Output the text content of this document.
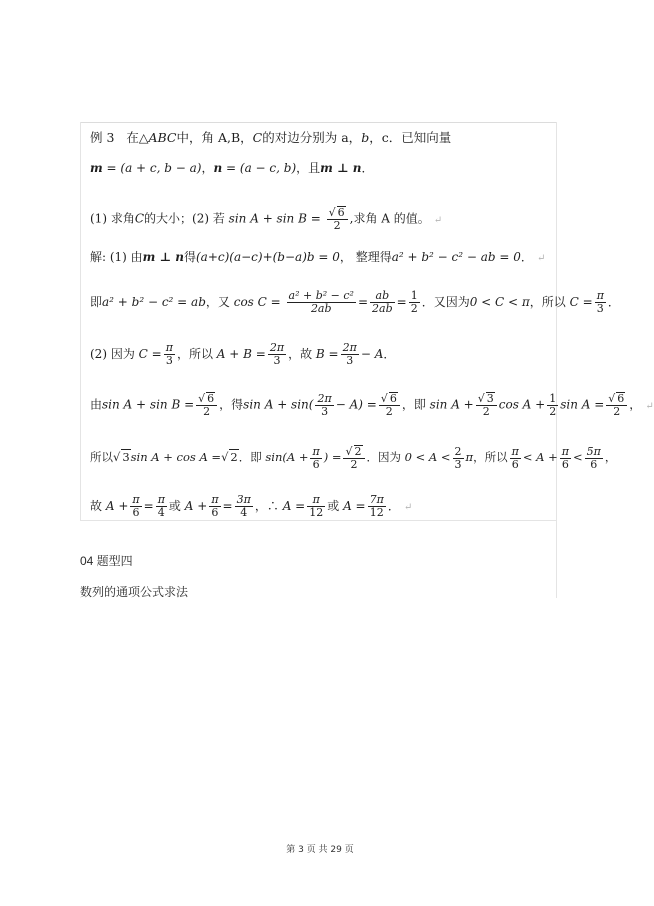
例 3 在△ABC中，角 A,B，C的对边分别为 a，b，c．已知向量
m = (a + c, b − a)，n = (a − c, b)，且m ⊥ n．
(1) 求角C的大小；(2) 若 $\sin A + \sin B = \frac{√ 6}{2}$ ,求角 A 的值。 ↵
解: (1) 由m ⊥ n得(a+c)(a−c)+(b−a)b = 0， 整理得a² + b² − c² − ab = 0． ↵
即a² + b² − c² = ab，又 $\cos C = \frac{\text{a² + b² − c²}}{2ab} = \frac{ab}{2ab} = \frac{1}{2}$ ．又因为0 < C < π，所以 $C = \frac{\pi}{3}$ ．
(2) 因为 $C = \frac{\pi}{3}$ ，所以 $A + B = \frac{2\pi}{3}$ ，故 $B = \frac{2\pi}{3} - A$．
由$\sin A + \sin B = \frac{√ 6}{2}$ ，得$\sin A + \sin( \frac{2\pi}{3} - A) = \frac{√ 6}{2}$ ，即 $\sin A + \frac{√ 3}{2}$ $\cos A + \frac{1}{2}$ $\sin A = \frac{√ 6}{2}$ ， ↵
所以√ 3sin A + cos A =√ 2．即 $\sin(A + \frac{\pi}{6}$ ) = $\frac{√ 2}{2}$ ．因为 $0 < A < \frac{2}{3}$ π，所以 $\frac{\pi}{6} < A + \frac{\pi}{6} < \frac{5\pi}{6}$ ，
故 $A + \frac{\pi}{6} = \frac{\pi}{4}$ 或 $A + \frac{\pi}{6} = \frac{3\pi}{4}$ ，∴ $A = \frac{\pi}{12}$ 或 $A = \frac{7\pi}{12}$ ． ↵
04 题型四
数列的通项公式求法
第 3 页 共 29 页
